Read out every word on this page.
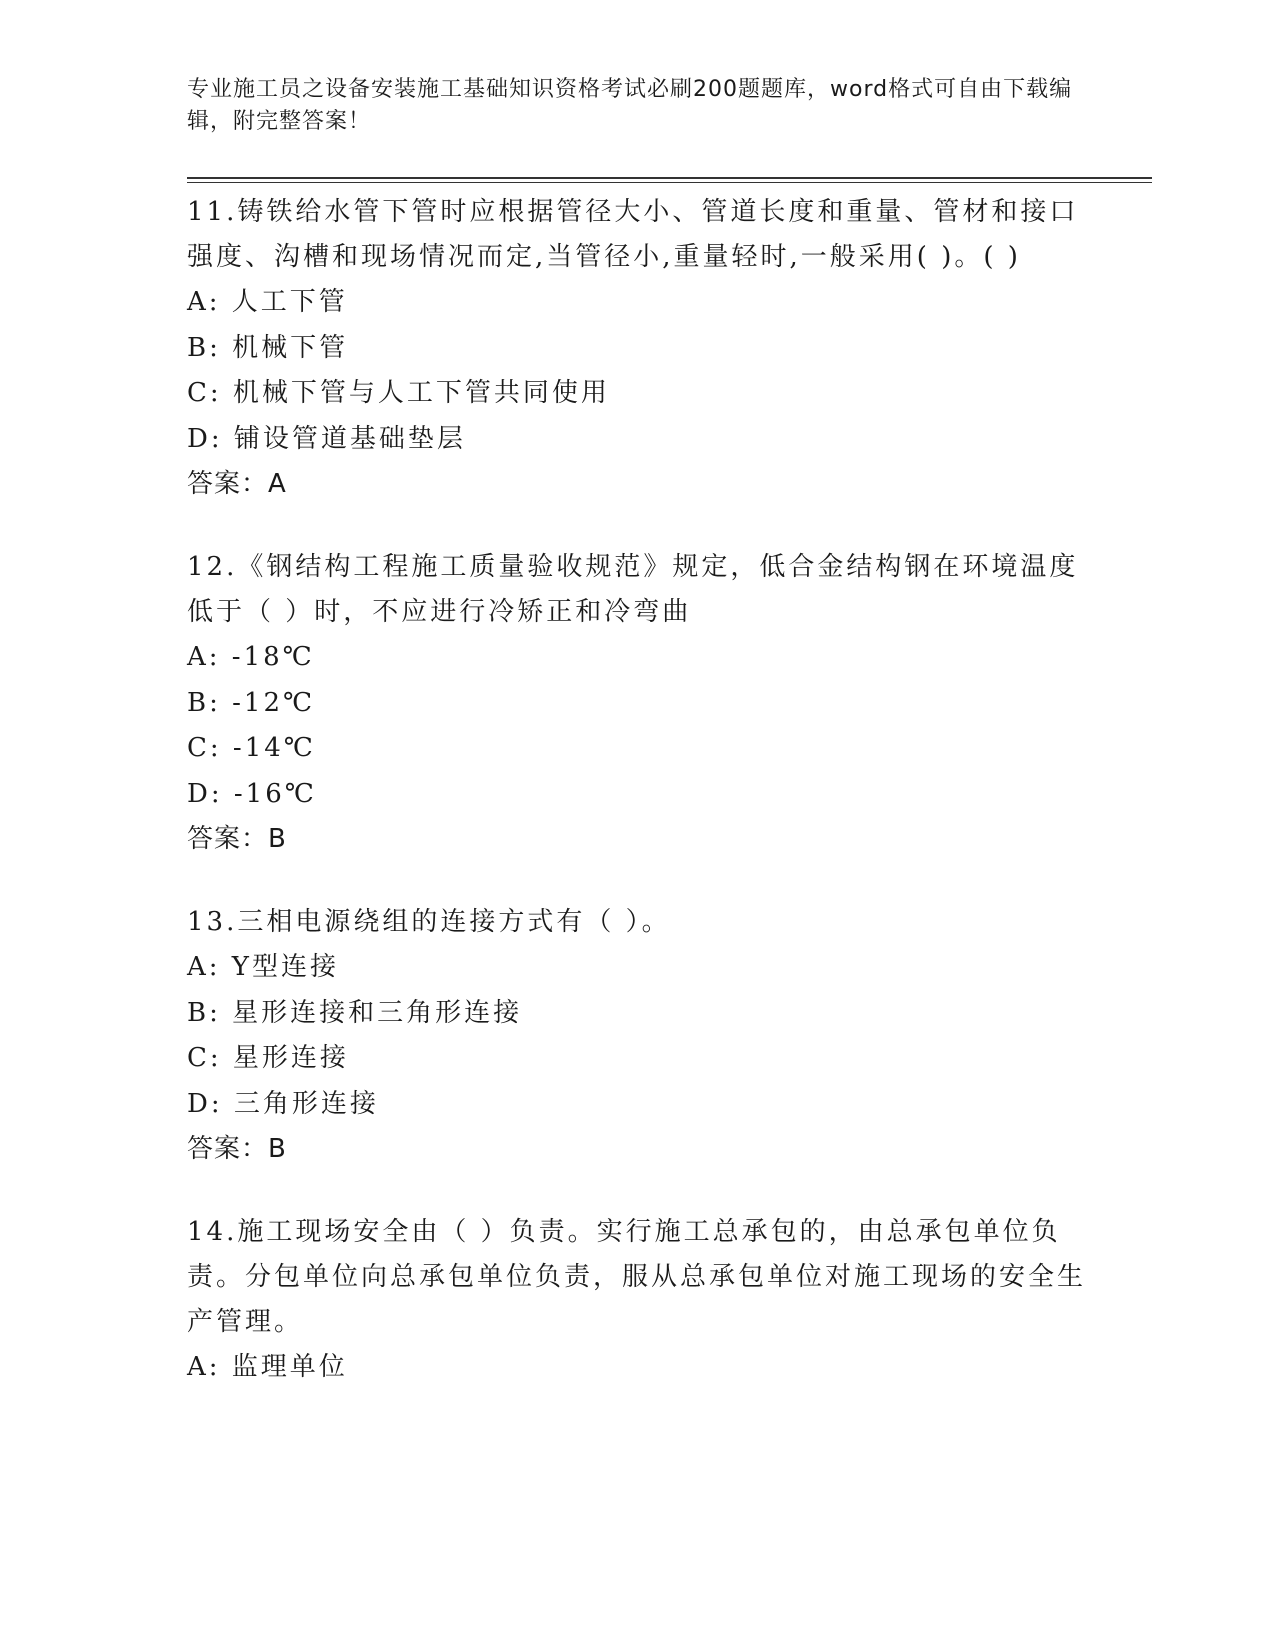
专业施工员之设备安装施工基础知识资格考试必刷200题题库，word格式可自由下载编辑，附完整答案！
11.铸铁给水管下管时应根据管径大小、管道长度和重量、管材和接口强度、沟槽和现场情况而定,当管径小,重量轻时,一般采用( )。( )
A: 人工下管
B: 机械下管
C: 机械下管与人工下管共同使用
D: 铺设管道基础垫层
答案：A
12.《钢结构工程施工质量验收规范》规定，低合金结构钢在环境温度低于（ ）时，不应进行冷矫正和冷弯曲
A: -18℃
B: -12℃
C: -14℃
D: -16℃
答案：B
13.三相电源绕组的连接方式有（ ）。
A: Y型连接
B: 星形连接和三角形连接
C: 星形连接
D: 三角形连接
答案：B
14.施工现场安全由（ ）负责。实行施工总承包的，由总承包单位负责。分包单位向总承包单位负责，服从总承包单位对施工现场的安全生产管理。
A: 监理单位
